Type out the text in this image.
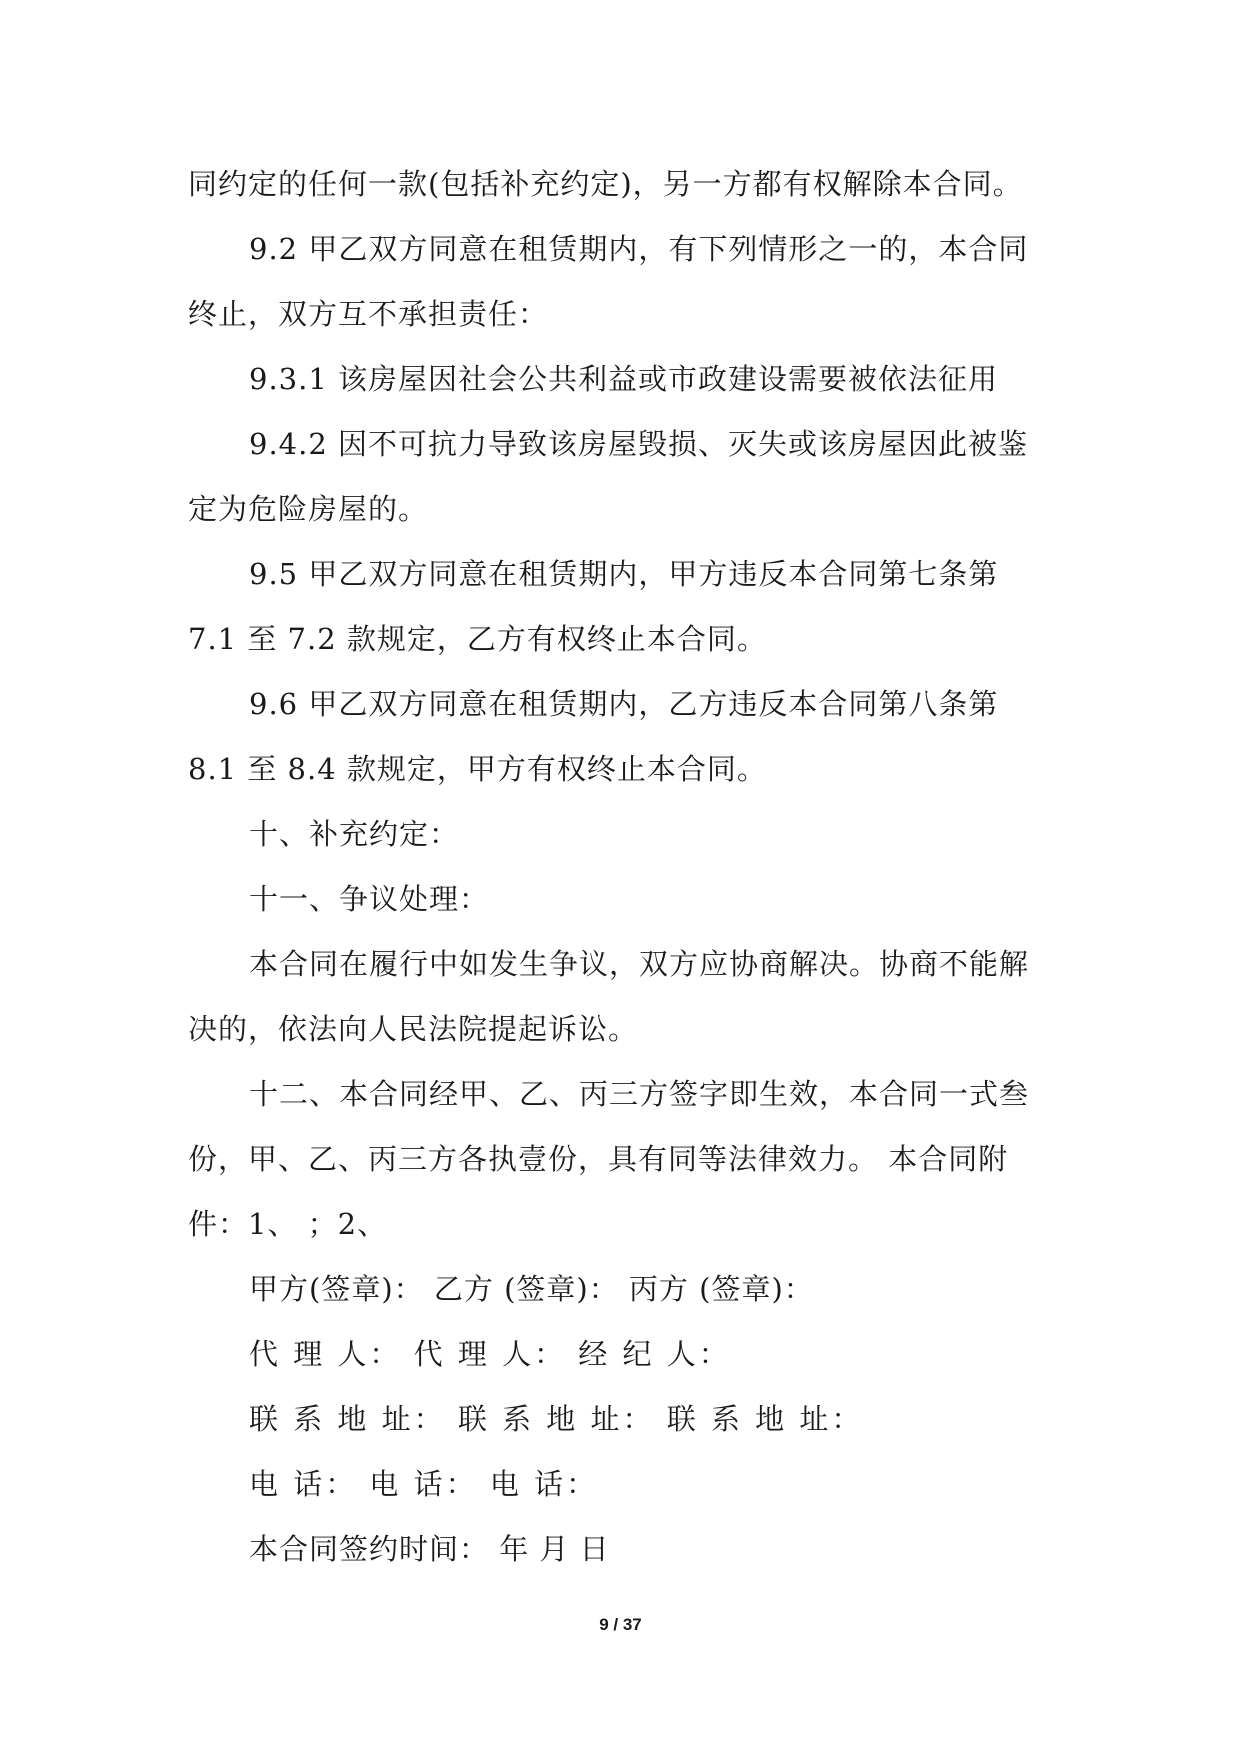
同约定的任何一款(包括补充约定)，另一方都有权解除本合同。
9.2 甲乙双方同意在租赁期内，有下列情形之一的，本合同
终止，双方互不承担责任：
9.3.1 该房屋因社会公共利益或市政建设需要被依法征用
9.4.2 因不可抗力导致该房屋毁损、灭失或该房屋因此被鉴
定为危险房屋的。
9.5 甲乙双方同意在租赁期内，甲方违反本合同第七条第
7.1 至 7.2 款规定，乙方有权终止本合同。
9.6 甲乙双方同意在租赁期内，乙方违反本合同第八条第
8.1 至 8.4 款规定，甲方有权终止本合同。
十、补充约定：
十一、争议处理：
本合同在履行中如发生争议，双方应协商解决。协商不能解
决的，依法向人民法院提起诉讼。
十二、本合同经甲、乙、丙三方签字即生效，本合同一式叁
份，甲、乙、丙三方各执壹份，具有同等法律效力。 本合同附
件：1、 ；2、
甲方(签章)： 乙方 (签章)： 丙方 (签章)：
代 理 人： 代 理 人： 经 纪 人：
联 系 地 址： 联 系 地 址： 联 系 地 址：
电 话： 电 话： 电 话：
本合同签约时间： 年 月 日
9 / 37
